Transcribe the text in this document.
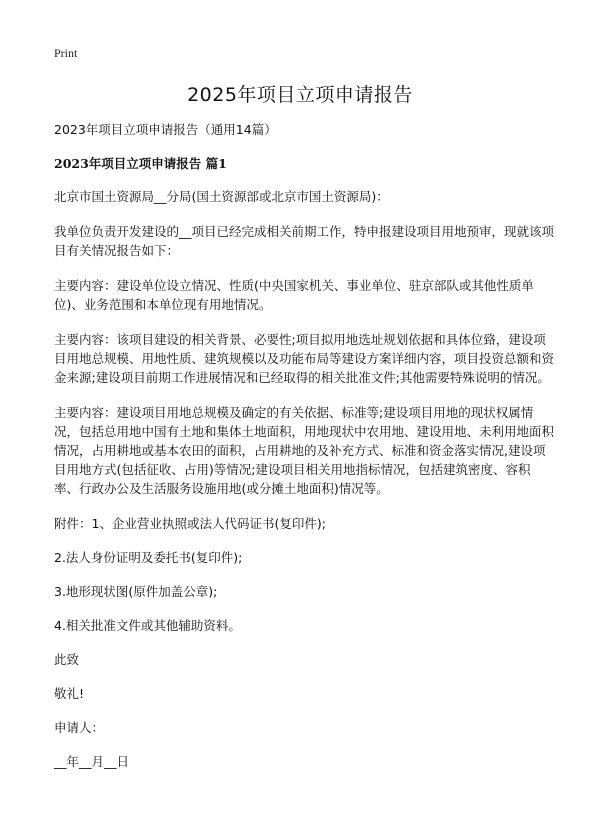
Print
2025年项目立项申请报告

2023年项目立项申请报告（通用14篇）

2023年项目立项申请报告 篇1

北京市国土资源局__分局(国土资源部或北京市国土资源局)：

我单位负责开发建设的__项目已经完成相关前期工作，特申报建设项目用地预审，现就该项目有关情况报告如下：

主要内容：建设单位设立情况、性质(中央国家机关、事业单位、驻京部队或其他性质单位)、业务范围和本单位现有用地情况。

主要内容：该项目建设的相关背景、必要性;项目拟用地选址规划依据和具体位臵，建设项目用地总规模、用地性质、建筑规模以及功能布局等建设方案详细内容，项目投资总额和资金来源;建设项目前期工作进展情况和已经取得的相关批准文件;其他需要特殊说明的情况。

主要内容：建设项目用地总规模及确定的有关依据、标准等;建设项目用地的现状权属情况，包括总用地中国有土地和集体土地面积，用地现状中农用地、建设用地、未利用地面积情况，占用耕地或基本农田的面积，占用耕地的及补充方式、标准和资金落实情况,建设项目用地方式(包括征收、占用)等情况;建设项目相关用地指标情况，包括建筑密度、容积率、行政办公及生活服务设施用地(或分摊土地面积)情况等。

附件：1、企业营业执照或法人代码证书(复印件);

2.法人身份证明及委托书(复印件);

3.地形现状图(原件加盖公章);

4.相关批准文件或其他辅助资料。

此致

敬礼!

申请人：

__年__月__日
